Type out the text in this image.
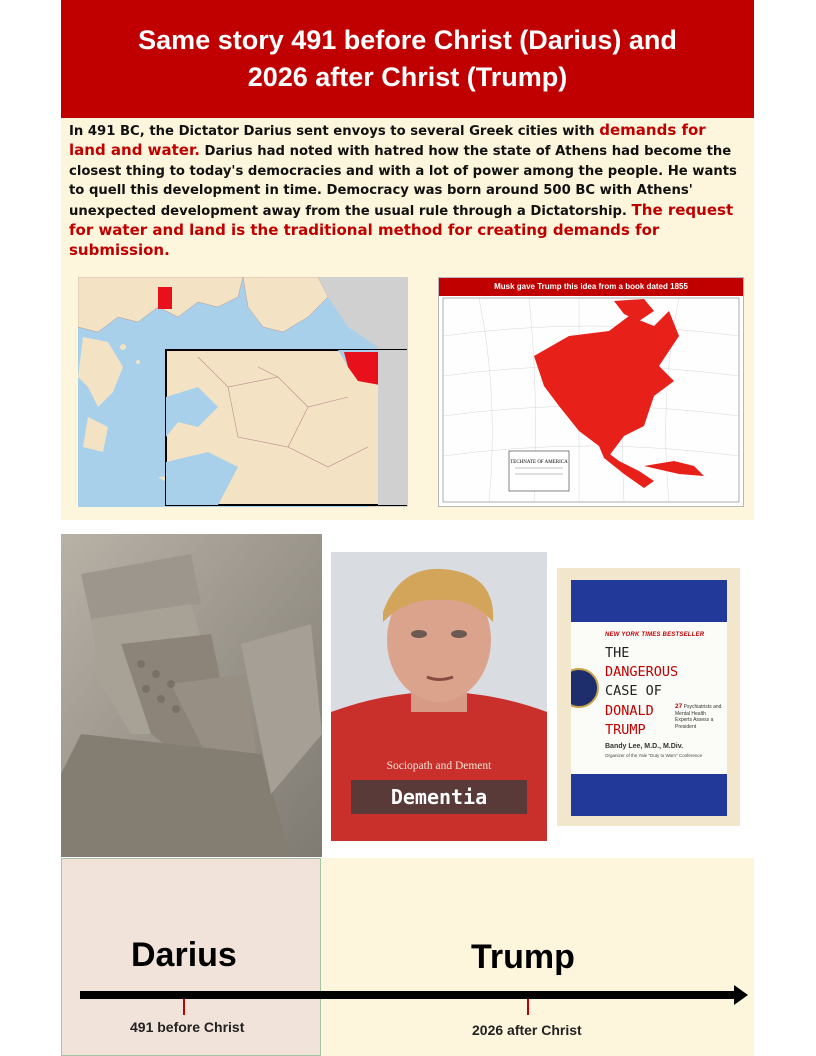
Same story 491 before Christ (Darius) and
2026 after Christ (Trump)
In 491 BC, the Dictator Darius sent envoys to several Greek cities with demands for land and water. Darius had noted with hatred how the state of Athens had become the closest thing to today's democracies and with a lot of power among the people. He wants to quell this development in time. Democracy was born around 500 BC with Athens' unexpected development away from the usual rule through a Dictatorship. The request for water and land is the traditional method for creating demands for submission.
Musk gave Trump this idea from a book dated 1855
TECHNATE OF AMERICA
Sociopath and Dement
Dementia
NEW YORK TIMES BESTSELLER
THE
DANGEROUS
CASE OF
DONALD
TRUMP
27 Psychiatrists and Mental Health Experts Assess a President
Bandy Lee, M.D., M.Div.
Organizer of the Yale "Duty to Warn" Conference
Darius	Trump
491 before Christ	2026 after Christ
